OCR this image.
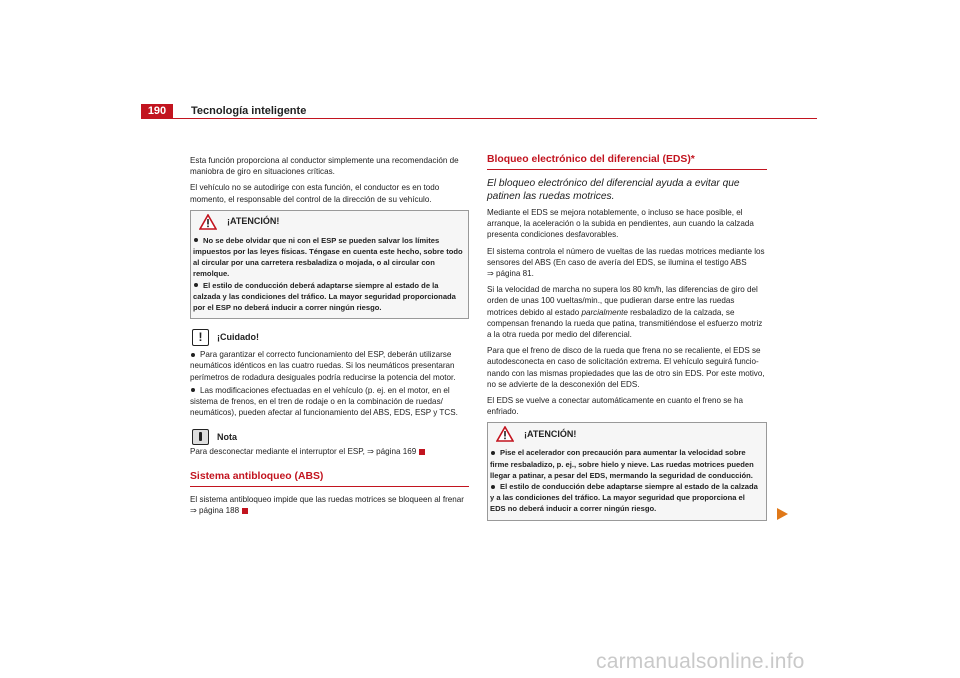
190	Tecnología inteligente

Esta función proporciona al conductor simplemente una recomendación de maniobra de giro en situaciones críticas.

El vehículo no se autodirige con esta función, el conductor es en todo momento, el responsable del control de la dirección de su vehículo.

¡ATENCIÓN!
No se debe olvidar que ni con el ESP se pueden salvar los límites impuestos por las leyes físicas. Téngase en cuenta este hecho, sobre todo al circular por una carretera resbaladiza o mojada, o al circular con remolque.
El estilo de conducción deberá adaptarse siempre al estado de la calzada y las condiciones del tráfico. La mayor seguridad proporcionada por el ESP no deberá inducir a correr ningún riesgo.
!	¡Cuidado!
Para garantizar el correcto funcionamiento del ESP, deberán utilizarse neumáticos idénticos en las cuatro ruedas. Si los neumáticos presentaran perímetros de rodadura desiguales podría reducirse la potencia del motor.
Las modificaciones efectuadas en el vehículo (p. ej. en el motor, en el sistema de frenos, en el tren de rodaje o en la combinación de ruedas/ neumáticos), pueden afectar al funcionamiento del ABS, EDS, ESP y TCS.
Nota

Para desconectar mediante el interruptor el ESP, ⇒ página 169

Sistema antibloqueo (ABS)

El sistema antibloqueo impide que las ruedas motrices se bloqueen al frenar
⇒ página 188

Bloqueo electrónico del diferencial (EDS)*

El bloqueo electrónico del diferencial ayuda a evitar que patinen las ruedas motrices.

Mediante el EDS se mejora notablemente, o incluso se hace posible, el arranque, la aceleración o la subida en pendientes, aun cuando la calzada presenta condiciones desfavorables.

El sistema controla el número de vueltas de las ruedas motrices mediante los sensores del ABS (En caso de avería del EDS, se ilumina el testigo ABS
⇒ página 81.

Si la velocidad de marcha no supera los 80 km/h, las diferencias de giro del orden de unas 100 vueltas/min., que pudieran darse entre las ruedas motrices debido al estado parcialmente resbaladizo de la calzada, se compensan frenando la rueda que patina, transmitiéndose el esfuerzo motriz a la otra rueda por medio del diferencial.

Para que el freno de disco de la rueda que frena no se recaliente, el EDS se autodesconecta en caso de solicitación extrema. El vehículo seguirá funcio- nando con las mismas propiedades que las de otro sin EDS. Por este motivo, no se advierte de la desconexión del EDS.

El EDS se vuelve a conectar automáticamente en cuanto el freno se ha enfriado.

¡ATENCIÓN!
Pise el acelerador con precaución para aumentar la velocidad sobre firme resbaladizo, p. ej., sobre hielo y nieve. Las ruedas motrices pueden llegar a patinar, a pesar del EDS, mermando la seguridad de conducción.
El estilo de conducción debe adaptarse siempre al estado de la calzada y a las condiciones del tráfico. La mayor seguridad que proporciona el EDS no deberá inducir a correr ningún riesgo.
carmanualsonline.info
